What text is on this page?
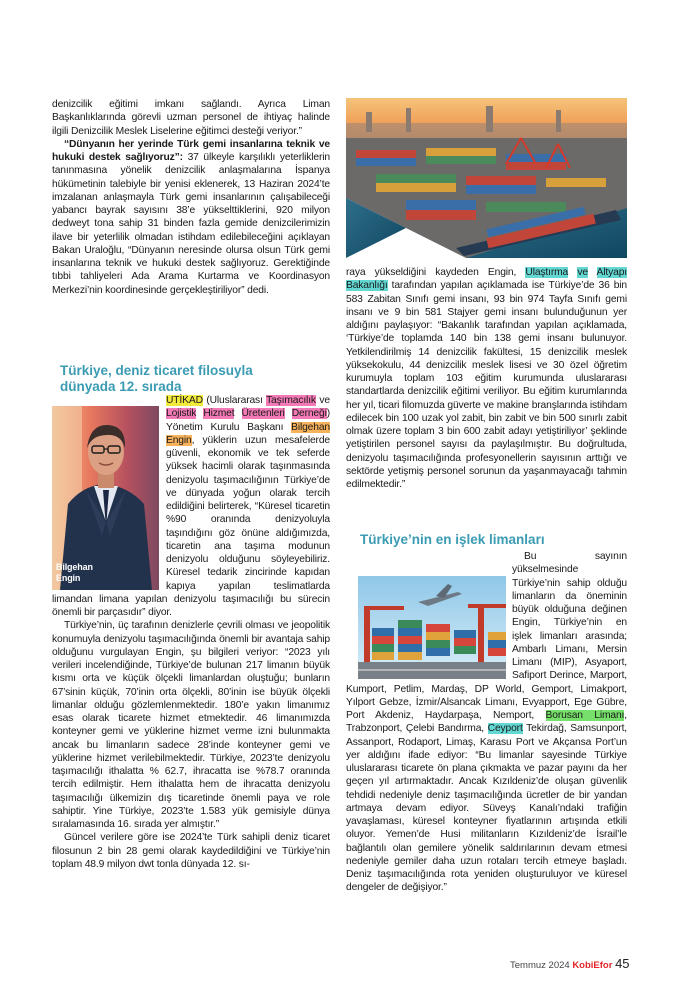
denizcilik eğitimi imkanı sağlandı. Ayrıca Liman Başkanlıklarında görevli uzman personel de ihtiyaç halinde ilgili Denizcilik Meslek Liselerine eğitimci desteği veriyor.”

“Dünyanın her yerinde Türk gemi insanlarına teknik ve hukuki destek sağlıyoruz”: 37 ülkeyle karşılıklı yeterliklerin tanınmasına yönelik denizcilik anlaşmalarına İspanya hükümetinin talebiyle bir yenisi eklenerek, 13 Haziran 2024’te imzalanan anlaşmayla Türk gemi insanlarının çalışabileceği yabancı bayrak sayısını 38’e yükselttiklerini, 920 milyon dedweyt tona sahip 31 binden fazla gemide denizcilerimizin ilave bir yeterlilik olmadan istihdam edilebileceğini açıklayan Bakan Uraloğlu, “Dünyanın neresinde olursa olsun Türk gemi insanlarına teknik ve hukuki destek sağlıyoruz. Gerektiğinde tıbbi tahliyeleri Ada Arama Kurtarma ve Koordinasyon Merkezi’nin koordinesinde gerçekleştiriliyor” dedi.

Türkiye, deniz ticaret filosuyla dünyada 12. sırada
Bilgehan
Engin

UTİKAD (Uluslararası Taşımacılık ve Lojistik Hizmet Üretenleri Derneği) Yönetim Kurulu Başkanı Bilgehan Engin, yüklerin uzun mesafelerde güvenli, ekonomik ve tek seferde yüksek hacimli olarak taşınmasında denizyolu taşımacılığının Türkiye’de ve dünyada yoğun olarak tercih edildiğini belirterek, “Küresel ticaretin %90 oranında denizyoluyla taşındığını göz önüne aldığımızda, ticaretin ana taşıma modunun denizyolu olduğunu söyleyebiliriz. Küresel tedarik zincirinde kapıdan kapıya yapılan teslimatlarda limandan limana yapılan denizyolu taşımacılığı bu sürecin önemli bir parçasıdır” diyor.

Türkiye’nin, üç tarafının denizlerle çevrili olması ve jeopolitik konumuyla denizyolu taşımacılığında önemli bir avantaja sahip olduğunu vurgulayan Engin, şu bilgileri veriyor: “2023 yılı verileri incelendiğinde, Türkiye’de bulunan 217 limanın büyük kısmı orta ve küçük ölçekli limanlardan oluştuğu; bunların 67’sinin küçük, 70’inin orta ölçekli, 80’inin ise büyük ölçekli limanlar olduğu gözlemlenmektedir. 180’e yakın limanımız esas olarak ticarete hizmet etmektedir. 46 limanımızda konteyner gemi ve yüklerine hizmet verme izni bulunmakta ancak bu limanların sadece 28’inde konteyner gemi ve yüklerine hizmet verilebilmektedir. Türkiye, 2023’te denizyolu taşımacılığı ithalatta % 62.7, ihracatta ise %78.7 oranında tercih edilmiştir. Hem ithalatta hem de ihracatta denizyolu taşımacılığı ülkemizin dış ticaretinde önemli paya ve role sahiptir. Yine Türkiye, 2023’te 1.583 yük gemisiyle dünya sıralamasında 16. sırada yer almıştır.”

Güncel verilere göre ise 2024’te Türk sahipli deniz ticaret filosunun 2 bin 28 gemi olarak kaydedildiğini ve Türkiye’nin toplam 48.9 milyon dwt tonla dünyada 12. sı-

raya yükseldiğini kaydeden Engin, Ulaştırma ve Altyapı Bakanlığı tarafından yapılan açıklamada ise Türkiye’de 36 bin 583 Zabitan Sınıfı gemi insanı, 93 bin 974 Tayfa Sınıfı gemi insanı ve 9 bin 581 Stajyer gemi insanı bulunduğunun yer aldığını paylaşıyor: “Bakanlık tarafından yapılan açıklamada, ‘Türkiye’de toplamda 140 bin 138 gemi insanı bulunuyor. Yetkilendirilmiş 14 denizcilik fakültesi, 15 denizcilik meslek yüksekokulu, 44 denizcilik meslek lisesi ve 30 özel öğretim kurumuyla toplam 103 eğitim kurumunda uluslararası standartlarda denizcilik eğitimi veriliyor. Bu eğitim kurumlarında her yıl, ticari filomuzda güverte ve makine branşlarında istihdam edilecek bin 100 uzak yol zabit, bin zabit ve bin 500 sınırlı zabit olmak üzere toplam 3 bin 600 zabit adayı yetiştiriliyor’ şeklinde yetiştirilen personel sayısı da paylaşılmıştır. Bu doğrultuda, denizyolu taşımacılığında profesyonellerin sayısının arttığı ve sektörde yetişmiş personel sorunun da yaşanmayacağı tahmin edilmektedir.”

Türkiye’nin en işlek limanları

Bu sayının yükselmesinde Türkiye’nin sahip olduğu limanların da öneminin büyük olduğuna değinen Engin, Türkiye’nin en işlek limanları arasında; Ambarlı Limanı, Mersin Limanı (MIP), Asyaport, Safiport Derince, Marport, Kumport, Petlim, Mardaş, DP World, Gemport, Limakport, Yılport Gebze, İzmir/Alsancak Limanı, Evyapport, Ege Gübre, Port Akdeniz, Haydarpaşa, Nemport, Borusan Limanı, Trabzonport, Çelebi Bandırma, Ceyport Tekirdağ, Samsunport, Assanport, Rodaport, Limaş, Karasu Port ve Akçansa Port’un yer aldığını ifade ediyor: “Bu limanlar sayesinde Türkiye uluslararası ticarete ön plana çıkmakta ve pazar payını da her geçen yıl artırmaktadır. Ancak Kızıldeniz’de oluşan güvenlik tehdidi nedeniyle deniz taşımacılığında ücretler de bir yandan artmaya devam ediyor. Süveyş Kanalı’ndaki trafiğin yavaşlaması, küresel konteyner fiyatlarının artışında etkili oluyor. Yemen’de Husi militanların Kızıldeniz’de İsrail’le bağlantılı olan gemilere yönelik saldırılarının devam etmesi nedeniyle gemiler daha uzun rotaları tercih etmeye başladı. Deniz taşımacılığında rota yeniden oluşturuluyor ve küresel dengeler de değişiyor.”

Temmuz 2024 KobiEfor 45
